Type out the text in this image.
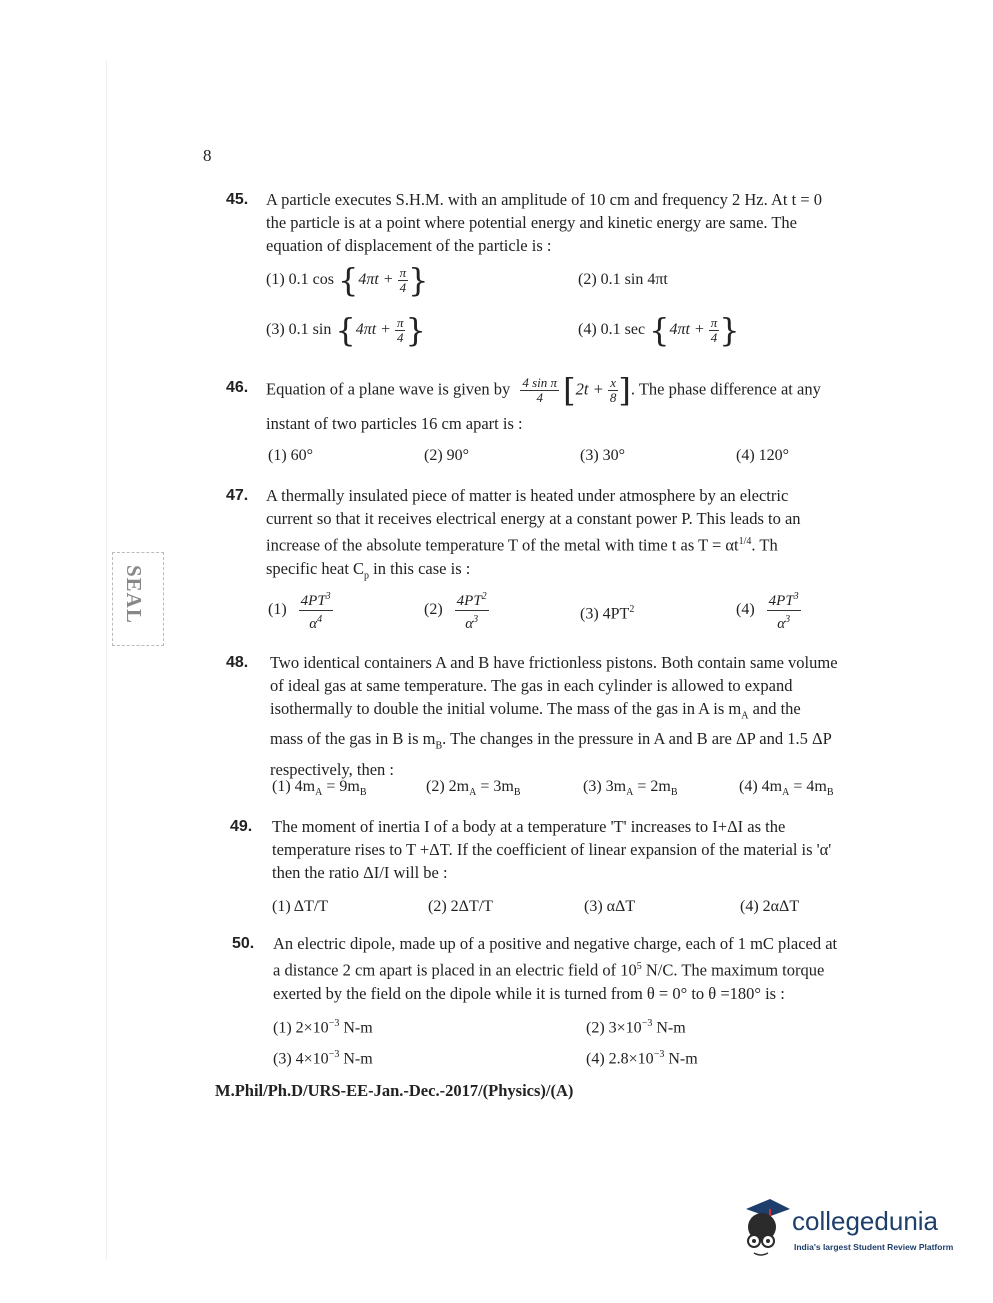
8
SEAL
45. A particle executes S.H.M. with an amplitude of 10 cm and frequency 2 Hz. At t = 0
the particle is at a point where potential energy and kinetic energy are same. The
equation of displacement of the particle is :
(1) 0.1 $\cos \{4\pi t + \frac{\pi}{4}$ }	(2) 0.1 sin 4πt
(3) 0.1 $\sin \{4\pi t + \frac{\pi}{4}$ }	(4) 0.1 $\sec \{4\pi t + \frac{\pi}{4}$ }
46. Equation of a plane wave is given by $\frac{\text{4 sin π}}{4} [2t + \frac{x}{8}$ ]. The phase difference at any
instant of two particles 16 cm apart is :
(1) 60°	(2) 90°	(3) 30°	(4) 120°
47. A thermally insulated piece of matter is heated under atmosphere by an electric
current so that it receives electrical energy at a constant power P. This leads to an
increase of the absolute temperature T of the metal with time t as $T = \alpha t^{1/4}$. Th
specific heat $C_p$ in this case is :
$(1) \frac{4PT^3}{\alpha^4}$	$(2) \frac{4PT^2}{\alpha^3}$	(3) $4PT^2$	$(4) \frac{4PT^3}{\alpha^3}$
48. Two identical containers A and B have frictionless pistons. Both contain same volume
of ideal gas at same temperature. The gas in each cylinder is allowed to expand
isothermally to double the initial volume. The mass of the gas in A is $m_A$ and the
mass of the gas in B is $m_B$. The changes in the pressure in A and B are ΔP and 1.5 ΔP
respectively, then :
(1) $4m_A = 9m_B$	(2) $2m_A = 3m_B$	(3) $3m_A = 2m_B$	(4) $4m_A = 4m_B$
49. The moment of inertia I of a body at a temperature 'T' increases to I+ΔI as the
temperature rises to T +ΔT. If the coefficient of linear expansion of the material is 'α'
then the ratio ΔI/I will be :
(1) ΔT/T	(2) 2ΔT/T	(3) αΔT	(4) 2αΔT
50. An electric dipole, made up of a positive and negative charge, each of 1 mC placed at
a distance 2 cm apart is placed in an electric field of $10^5$ N/C. The maximum torque
exerted by the field on the dipole while it is turned from θ = 0° to θ =180° is :
(1) $2\times 10^{-3}$ N-m	(2) $3\times 10^{-3}$ N-m
(3) $4\times 10^{-3}$ N-m	(4) $2.8\times 10^{-3}$ N-m
M.Phil/Ph.D/URS-EE-Jan.-Dec.-2017/(Physics)/(A)
collegedunia
India's largest Student Review Platform
